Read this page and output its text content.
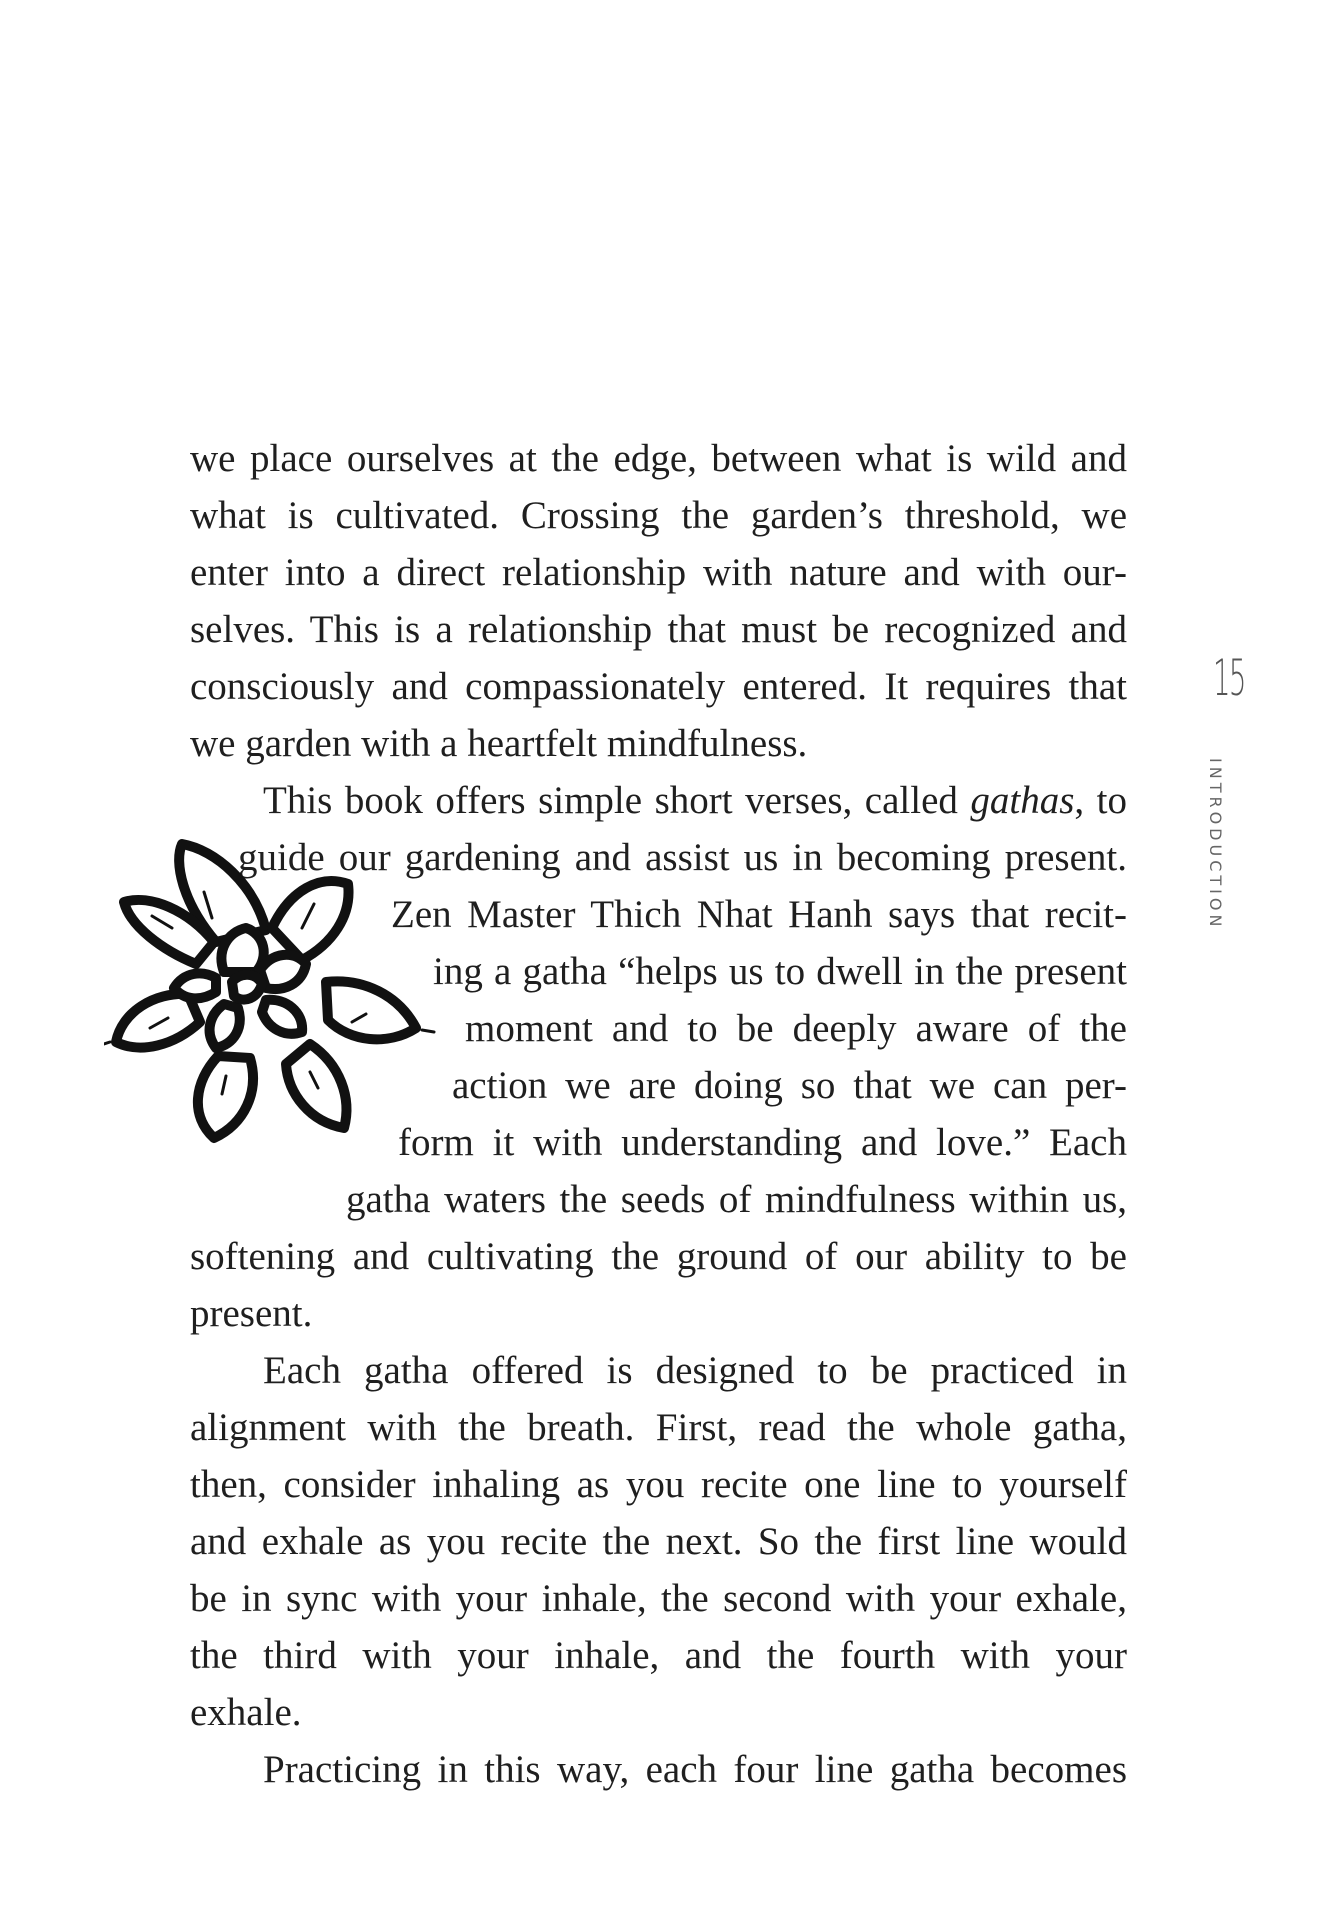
we place ourselves at the edge, between what is wild and
what is cultivated. Crossing the garden’s threshold, we
enter into a direct relationship with nature and with our-
selves. This is a relationship that must be recognized and
consciously and compassionately entered. It requires that
we garden with a heartfelt mindfulness.
This book offers simple short verses, called gathas, to
guide our gardening and assist us in becoming present.
Zen Master Thich Nhat Hanh says that recit-
ing a gatha “helps us to dwell in the present
moment and to be deeply aware of the
action we are doing so that we can per-
form it with understanding and love.” Each
gatha waters the seeds of mindfulness within us,
softening and cultivating the ground of our ability to be
present.
Each gatha offered is designed to be practiced in
alignment with the breath. First, read the whole gatha,
then, consider inhaling as you recite one line to yourself
and exhale as you recite the next. So the first line would
be in sync with your inhale, the second with your exhale,
the third with your inhale, and the fourth with your
exhale.
Practicing in this way, each four line gatha becomes
15
INTRODUCTION
